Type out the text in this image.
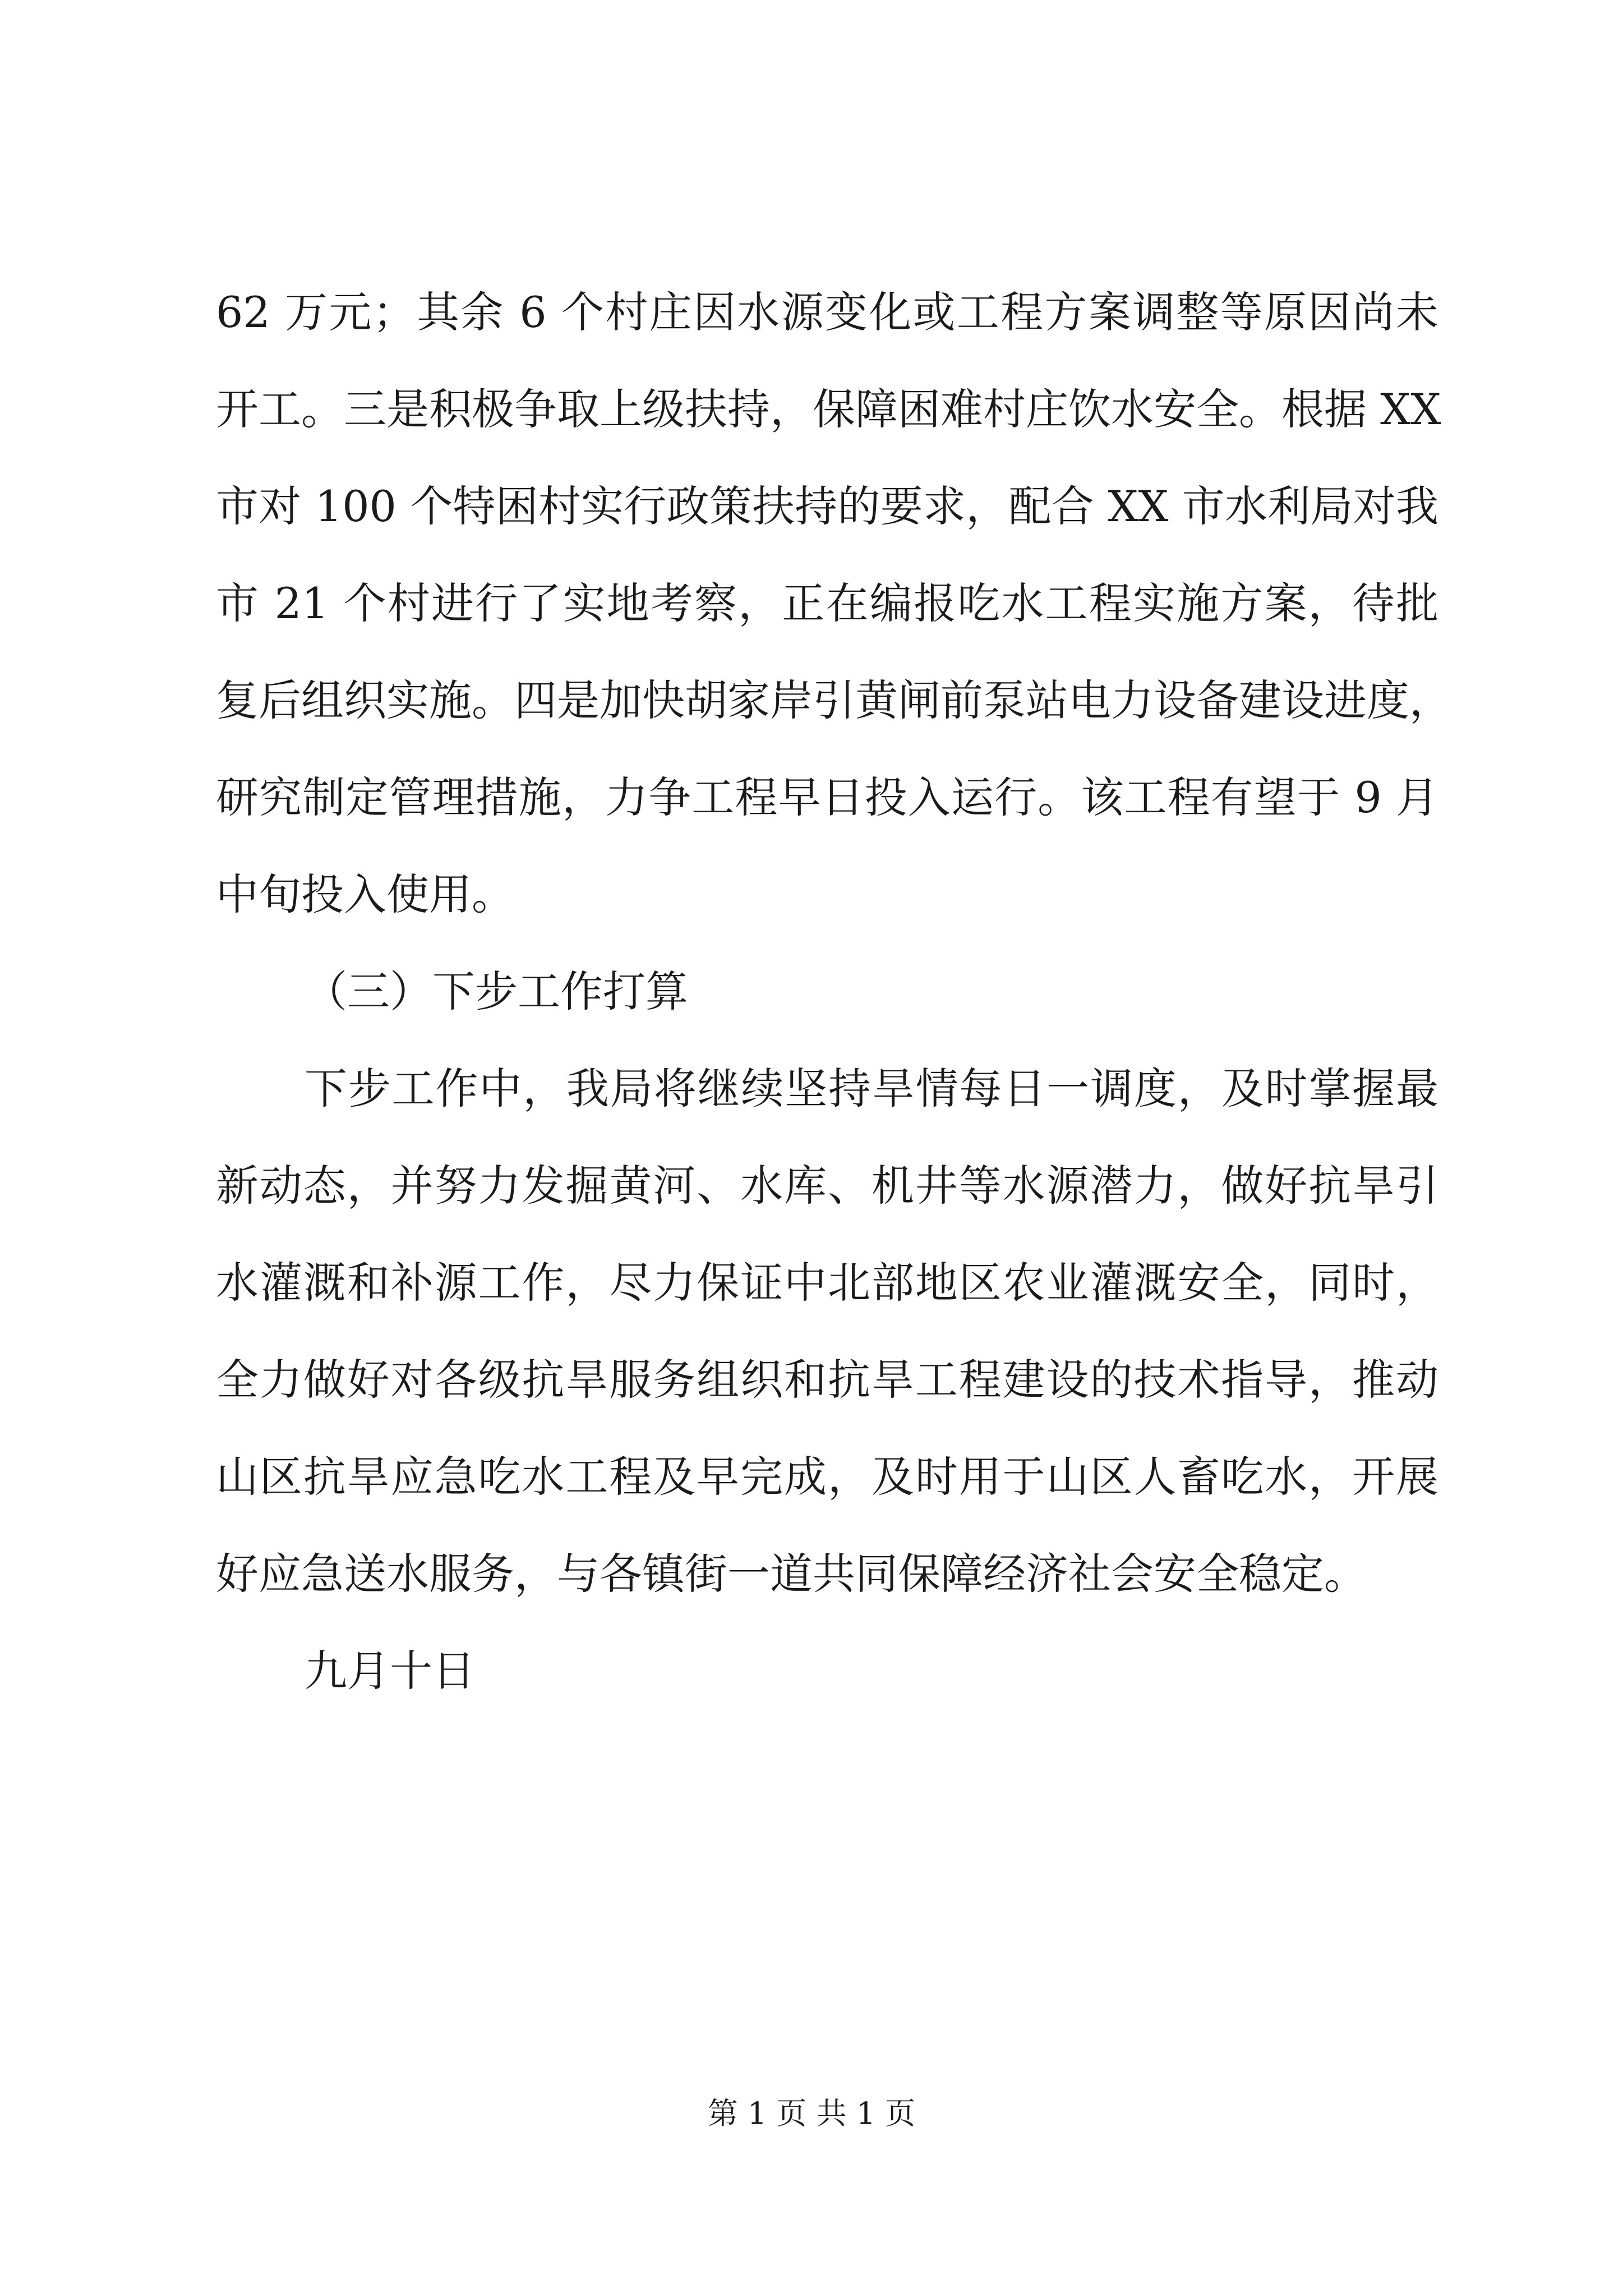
62 万元；其余 6 个村庄因水源变化或工程方案调整等原因尚未
开工。三是积极争取上级扶持，保障困难村庄饮水安全。根据 XX
市对 100 个特困村实行政策扶持的要求，配合 XX 市水利局对我
市 21 个村进行了实地考察，正在编报吃水工程实施方案，待批
复后组织实施。四是加快胡家岸引黄闸前泵站电力设备建设进度，
研究制定管理措施，力争工程早日投入运行。该工程有望于 9 月
中旬投入使用。
（三）下步工作打算
下步工作中，我局将继续坚持旱情每日一调度，及时掌握最
新动态，并努力发掘黄河、水库、机井等水源潜力，做好抗旱引
水灌溉和补源工作，尽力保证中北部地区农业灌溉安全，同时，
全力做好对各级抗旱服务组织和抗旱工程建设的技术指导，推动
山区抗旱应急吃水工程及早完成，及时用于山区人畜吃水，开展
好应急送水服务，与各镇街一道共同保障经济社会安全稳定。
九月十日
第 1 页 共 1 页
